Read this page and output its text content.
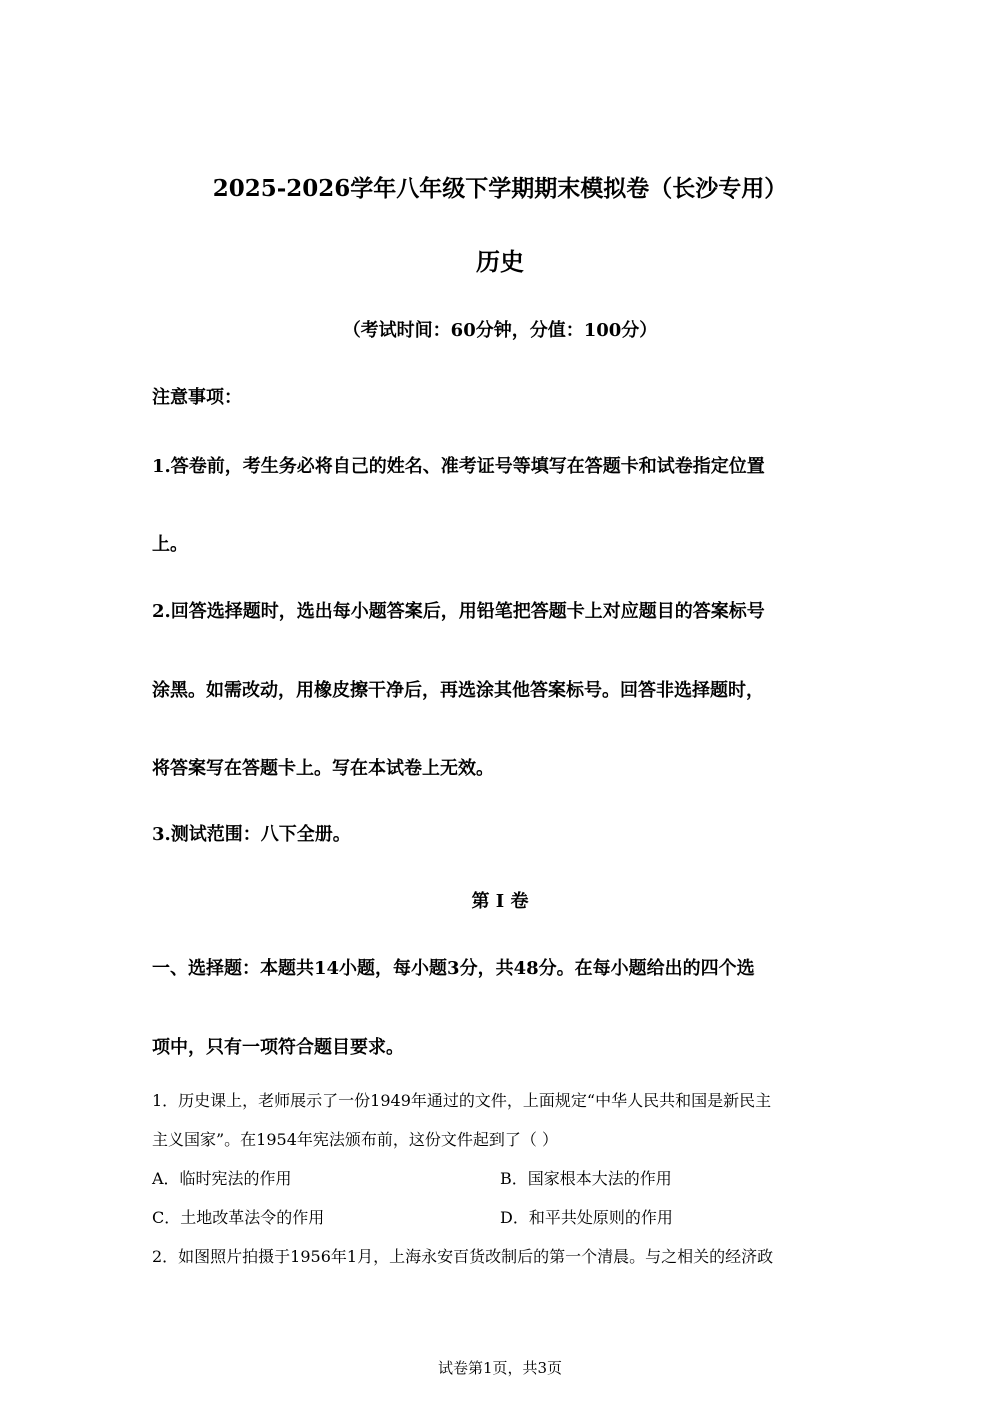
2025-2026学年八年级下学期期末模拟卷（长沙专用）
历史
（考试时间：60分钟，分值：100分）
注意事项：
1.答卷前，考生务必将自己的姓名、准考证号等填写在答题卡和试卷指定位置
上。
2.回答选择题时，选出每小题答案后，用铅笔把答题卡上对应题目的答案标号
涂黑。如需改动，用橡皮擦干净后，再选涂其他答案标号。回答非选择题时，
将答案写在答题卡上。写在本试卷上无效。
3.测试范围：八下全册。
第 I 卷
一、选择题：本题共14小题，每小题3分，共48分。在每小题给出的四个选
项中，只有一项符合题目要求。
1．历史课上，老师展示了一份1949年通过的文件，上面规定“中华人民共和国是新民主
主义国家”。在1954年宪法颁布前，这份文件起到了（ ）
A．临时宪法的作用	B．国家根本大法的作用
C．土地改革法令的作用	D．和平共处原则的作用
2．如图照片拍摄于1956年1月，上海永安百货改制后的第一个清晨。与之相关的经济政
试卷第1页，共3页
